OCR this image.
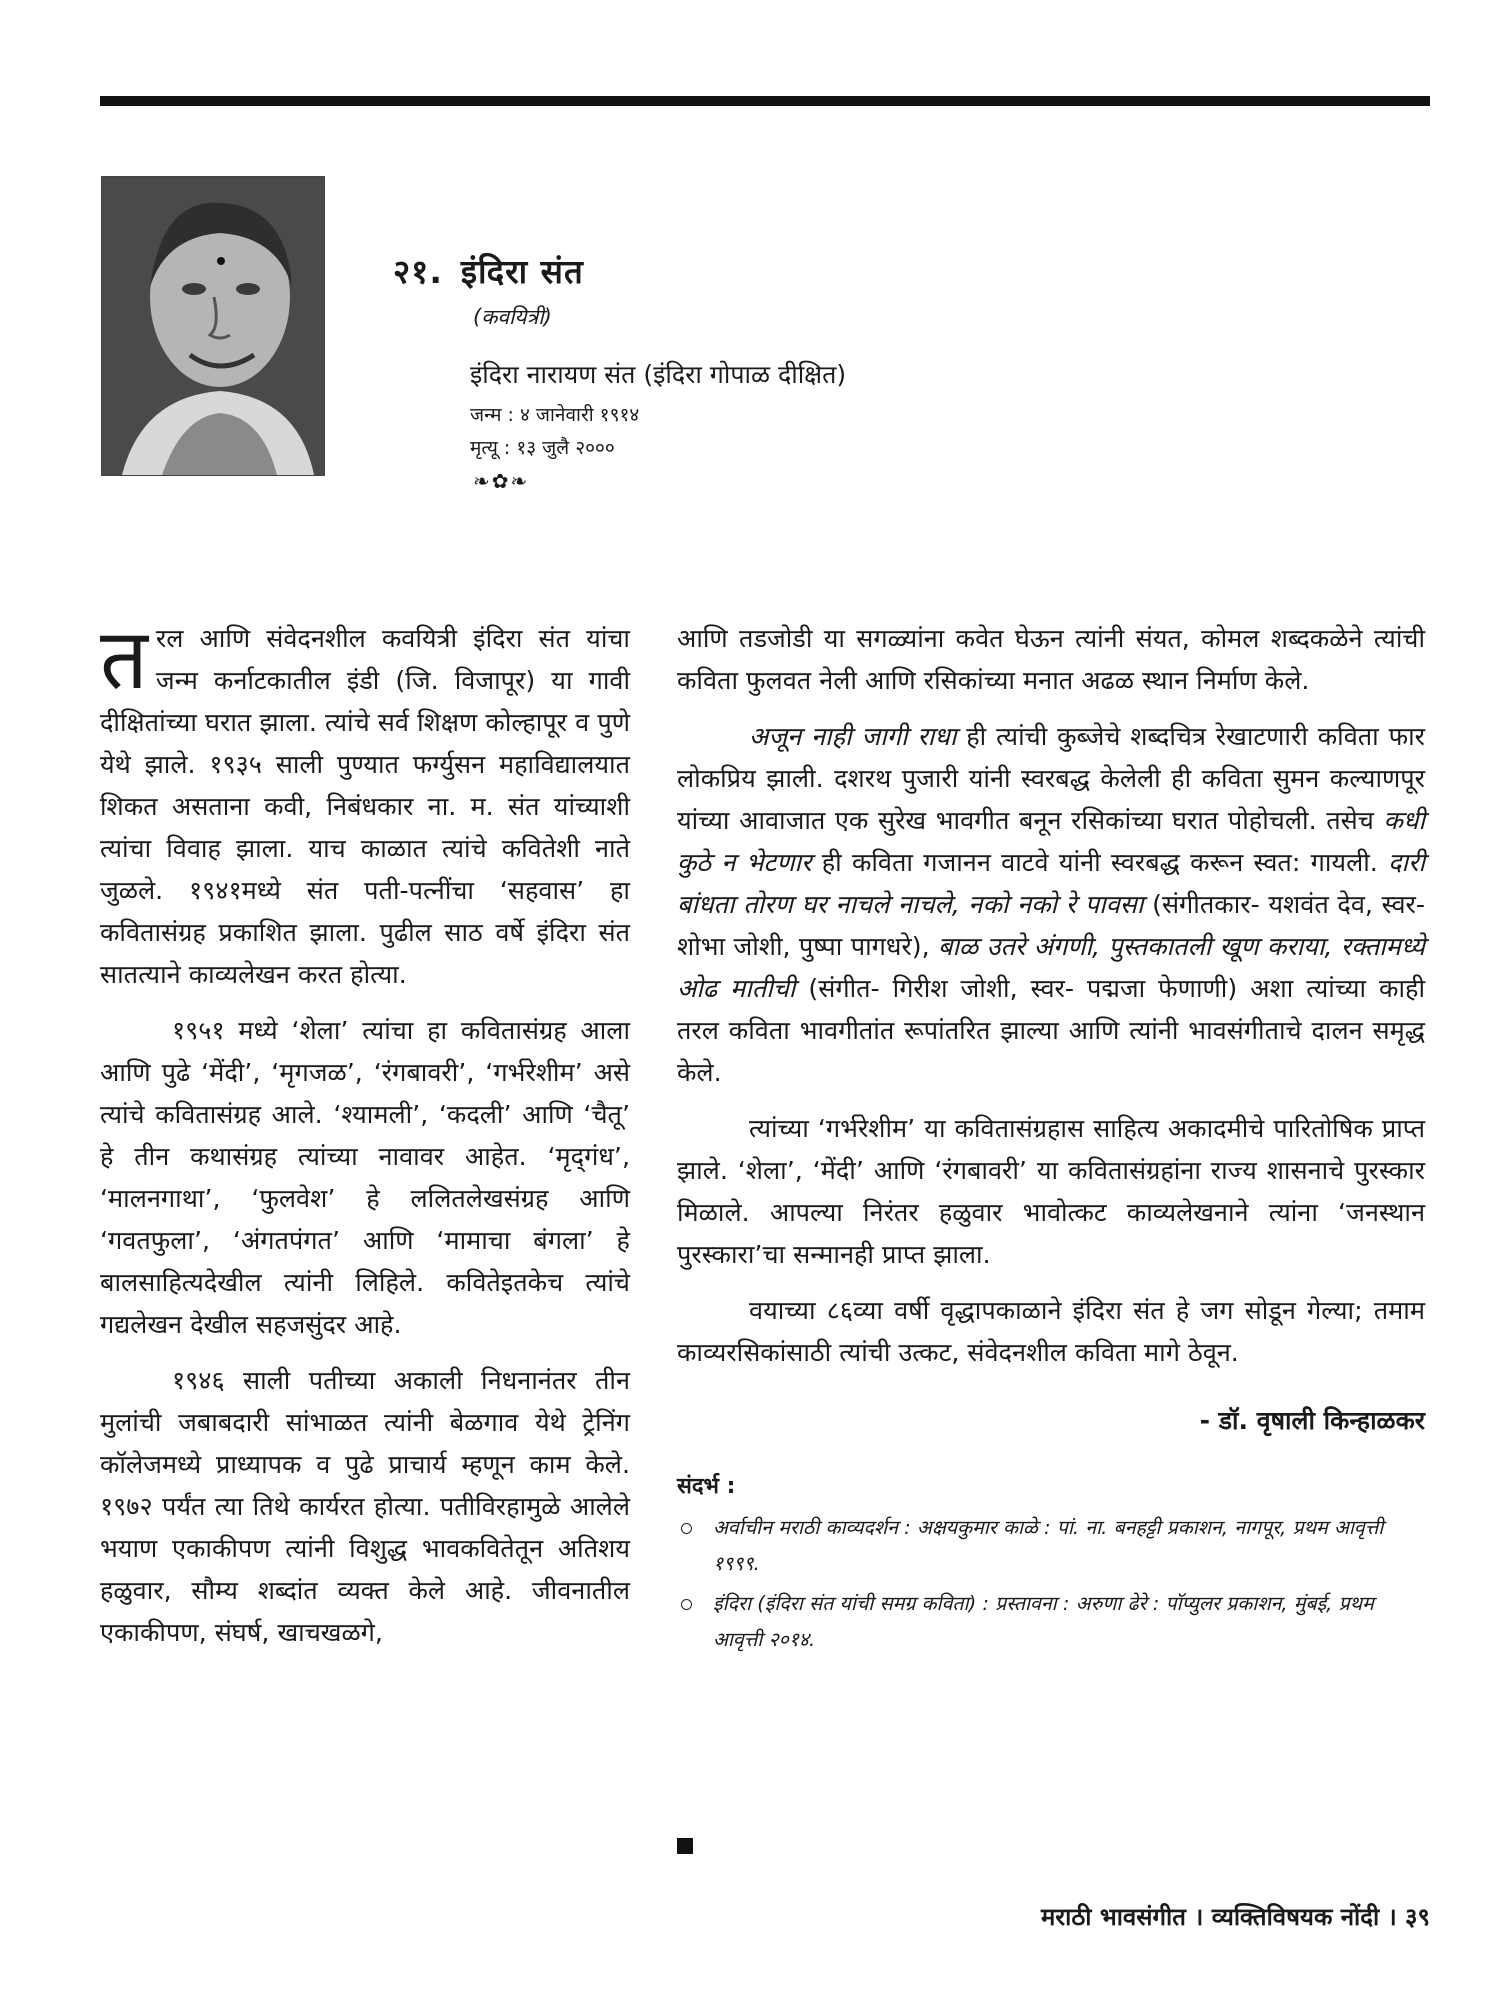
२१. इंदिरा संत
(कवयित्री)
इंदिरा नारायण संत (इंदिरा गोपाळ दीक्षित)
जन्म : ४ जानेवारी १९१४
मृत्यू : १३ जुलै २०००
❧✿❧

तरल आणि संवेदनशील कवयित्री इंदिरा संत यांचा जन्म कर्नाटकातील इंडी (जि. विजापूर) या गावी दीक्षितांच्या घरात झाला. त्यांचे सर्व शिक्षण कोल्हापूर व पुणे येथे झाले. १९३५ साली पुण्यात फर्ग्युसन महाविद्यालयात शिकत असताना कवी, निबंधकार ना. म. संत यांच्याशी त्यांचा विवाह झाला. याच काळात त्यांचे कवितेशी नाते जुळले. १९४१मध्ये संत पती-पत्नींचा ‘सहवास’ हा कवितासंग्रह प्रकाशित झाला. पुढील साठ वर्षे इंदिरा संत सातत्याने काव्यलेखन करत होत्या.

१९५१ मध्ये ‘शेला’ त्यांचा हा कवितासंग्रह आला आणि पुढे ‘मेंदी’, ‘मृगजळ’, ‘रंगबावरी’, ‘गर्भरेशीम’ असे त्यांचे कवितासंग्रह आले. ‘श्यामली’, ‘कदली’ आणि ‘चैतू’ हे तीन कथासंग्रह त्यांच्या नावावर आहेत. ‘मृद्‌गंध’, ‘मालनगाथा’, ‘फुलवेश’ हे ललितलेखसंग्रह आणि ‘गवतफुला’, ‘अंगतपंगत’ आणि ‘मामाचा बंगला’ हे बालसाहित्यदेखील त्यांनी लिहिले. कवितेइतकेच त्यांचे गद्यलेखन देखील सहजसुंदर आहे.

१९४६ साली पतीच्या अकाली निधनानंतर तीन मुलांची जबाबदारी सांभाळत त्यांनी बेळगाव येथे ट्रेनिंग कॉलेजमध्ये प्राध्यापक व पुढे प्राचार्य म्हणून काम केले. १९७२ पर्यंत त्या तिथे कार्यरत होत्या. पतीविरहामुळे आलेले भयाण एकाकीपण त्यांनी विशुद्ध भावकवितेतून अतिशय हळुवार, सौम्य शब्दांत व्यक्त केले आहे. जीवनातील एकाकीपण, संघर्ष, खाचखळगे,

आणि तडजोडी या सगळ्यांना कवेत घेऊन त्यांनी संयत, कोमल शब्दकळेने त्यांची कविता फुलवत नेली आणि रसिकांच्या मनात अढळ स्थान निर्माण केले.

अजून नाही जागी राधा ही त्यांची कुब्जेचे शब्दचित्र रेखाटणारी कविता फार लोकप्रिय झाली. दशरथ पुजारी यांनी स्वरबद्ध केलेली ही कविता सुमन कल्याणपूर यांच्या आवाजात एक सुरेख भावगीत बनून रसिकांच्या घरात पोहोचली. तसेच कधी कुठे न भेटणार ही कविता गजानन वाटवे यांनी स्वरबद्ध करून स्वत: गायली. दारी बांधता तोरण घर नाचले नाचले, नको नको रे पावसा (संगीतकार- यशवंत देव, स्वर- शोभा जोशी, पुष्पा पागधरे), बाळ उतरे अंगणी, पुस्तकातली खूण कराया, रक्तामध्ये ओढ मातीची (संगीत- गिरीश जोशी, स्वर- पद्मजा फेणाणी) अशा त्यांच्या काही तरल कविता भावगीतांत रूपांतरित झाल्या आणि त्यांनी भावसंगीताचे दालन समृद्ध केले.

त्यांच्या ‘गर्भरेशीम’ या कवितासंग्रहास साहित्य अकादमीचे पारितोषिक प्राप्त झाले. ‘शेला’, ‘मेंदी’ आणि ‘रंगबावरी’ या कवितासंग्रहांना राज्य शासनाचे पुरस्कार मिळाले. आपल्या निरंतर हळुवार भावोत्कट काव्यलेखनाने त्यांना ‘जनस्थान पुरस्कारा’चा सन्मानही प्राप्त झाला.

वयाच्या ८६व्या वर्षी वृद्धापकाळाने इंदिरा संत हे जग सोडून गेल्या; तमाम काव्यरसिकांसाठी त्यांची उत्कट, संवेदनशील कविता मागे ठेवून.

- डॉ. वृषाली किन्हाळकर
संदर्भ :
अर्वाचीन मराठी काव्यदर्शन : अक्षयकुमार काळे : पां. ना. बनहट्टी प्रकाशन, नागपूर, प्रथम आवृत्ती १९९९.
इंदिरा (इंदिरा संत यांची समग्र कविता) : प्रस्तावना : अरुणा ढेरे : पॉप्युलर प्रकाशन, मुंबई, प्रथम आवृत्ती २०१४.
मराठी भावसंगीत । व्यक्तिविषयक नोंदी । ३९
